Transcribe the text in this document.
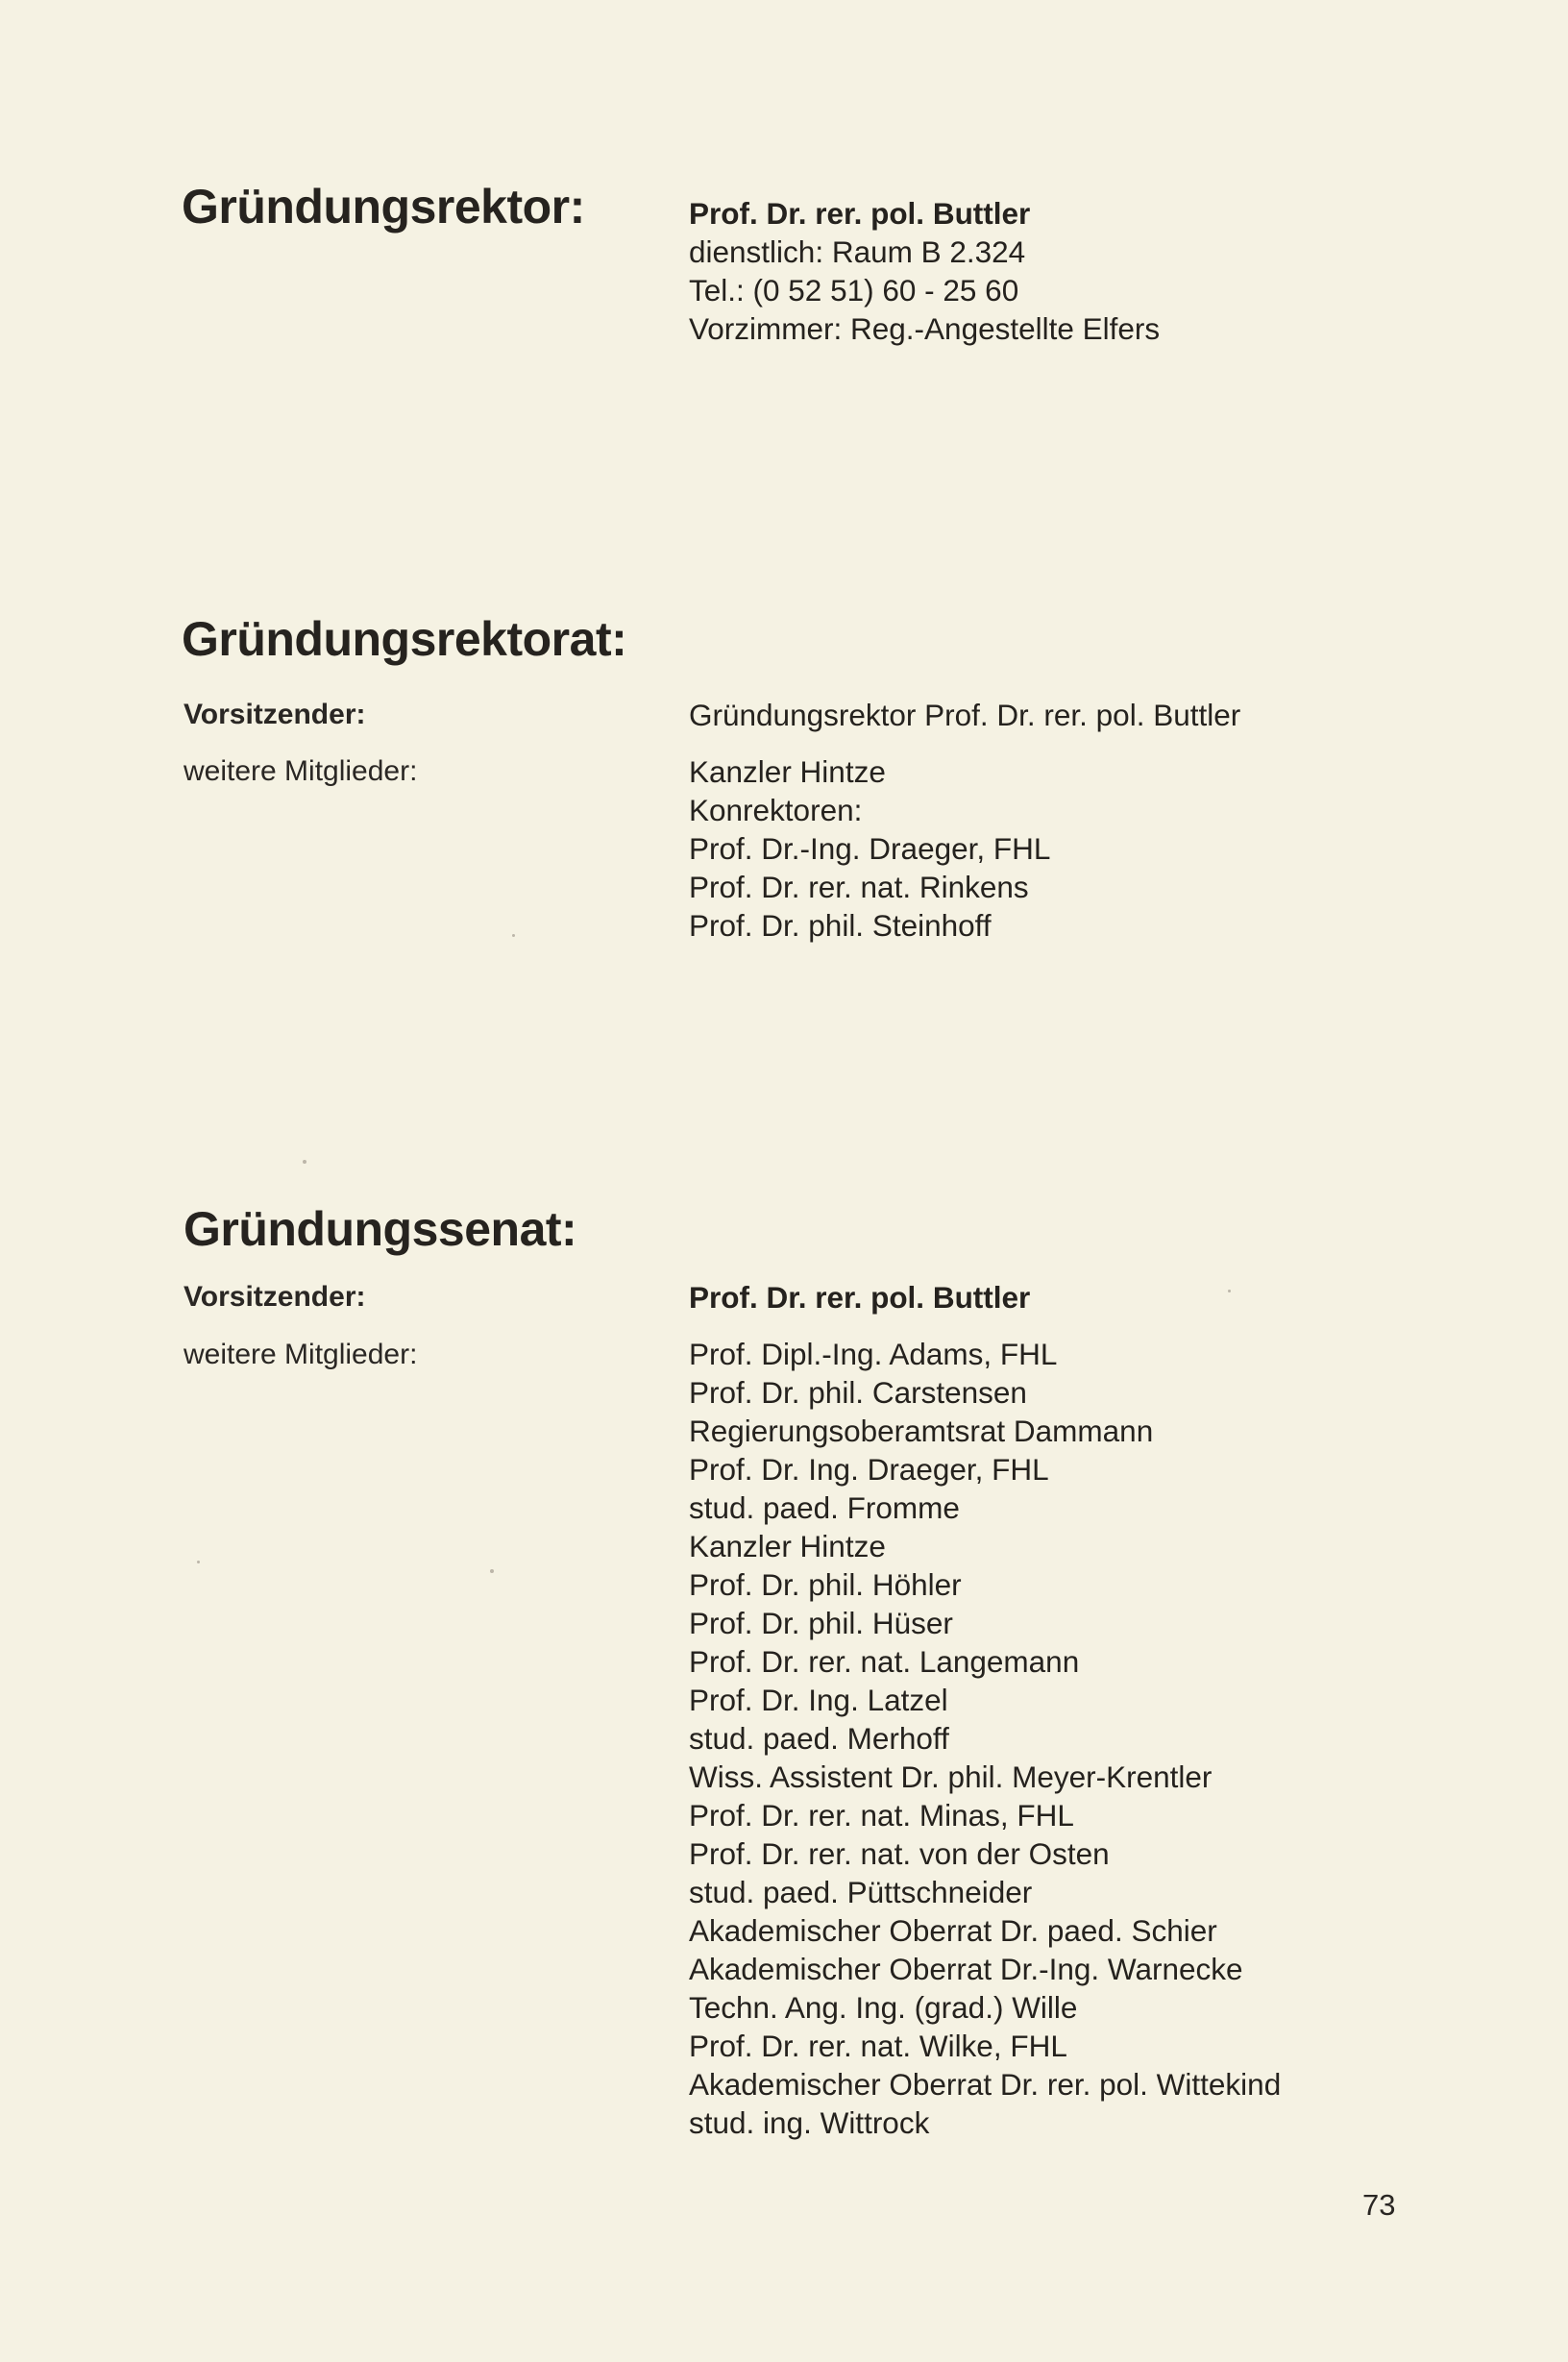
Gründungsrektor:	Prof. Dr. rer. pol. Buttler
dienstlich: Raum B 2.324
Tel.: (0 52 51) 60 - 25 60
Vorzimmer: Reg.-Angestellte Elfers
Gründungsrektorat:

Vorsitzender:	Gründungsrektor Prof. Dr. rer. pol. Buttler

weitere Mitglieder:	Kanzler Hintze
Konrektoren:
Prof. Dr.-Ing. Draeger, FHL
Prof. Dr. rer. nat. Rinkens
Prof. Dr. phil. Steinhoff
Gründungssenat:

Vorsitzender:	Prof. Dr. rer. pol. Buttler

weitere Mitglieder:	Prof. Dipl.-Ing. Adams, FHL
Prof. Dr. phil. Carstensen
Regierungsoberamtsrat Dammann
Prof. Dr. Ing. Draeger, FHL
stud. paed. Fromme
Kanzler Hintze
Prof. Dr. phil. Höhler
Prof. Dr. phil. Hüser
Prof. Dr. rer. nat. Langemann
Prof. Dr. Ing. Latzel
stud. paed. Merhoff
Wiss. Assistent Dr. phil. Meyer-Krentler
Prof. Dr. rer. nat. Minas, FHL
Prof. Dr. rer. nat. von der Osten
stud. paed. Püttschneider
Akademischer Oberrat Dr. paed. Schier
Akademischer Oberrat Dr.-Ing. Warnecke
Techn. Ang. Ing. (grad.) Wille
Prof. Dr. rer. nat. Wilke, FHL
Akademischer Oberrat Dr. rer. pol. Wittekind
stud. ing. Wittrock
73
